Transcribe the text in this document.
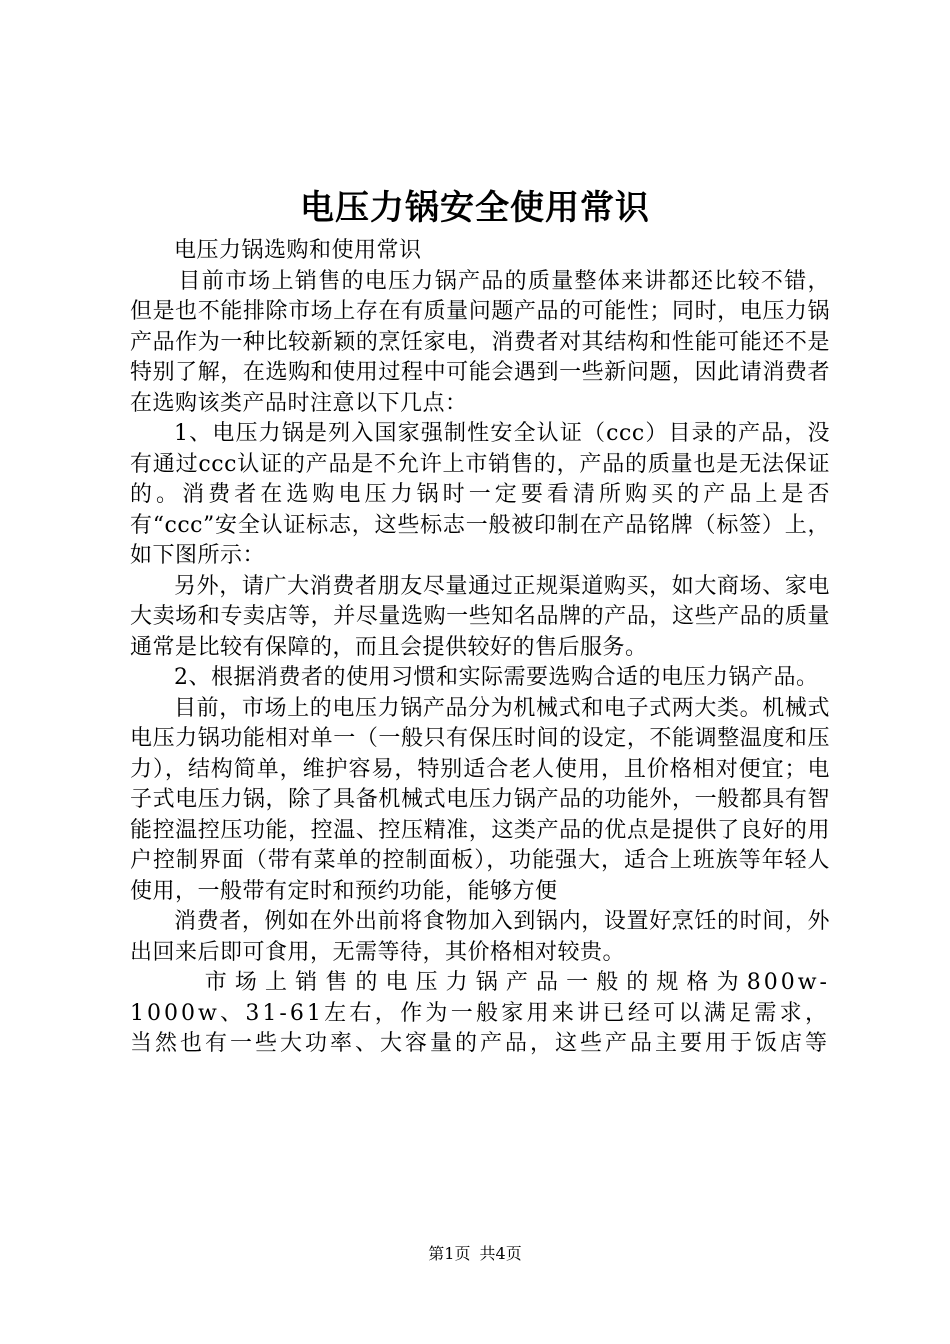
电压力锅安全使用常识

电压力锅选购和使用常识

目前市场上销售的电压力锅产品的质量整体来讲都还比较不错，但是也不能排除市场上存在有质量问题产品的可能性；同时，电压力锅产品作为一种比较新颖的烹饪家电，消费者对其结构和性能可能还不是特别了解，在选购和使用过程中可能会遇到一些新问题，因此请消费者在选购该类产品时注意以下几点：

1、电压力锅是列入国家强制性安全认证（ccc）目录的产品，没有通过ccc认证的产品是不允许上市销售的，产品的质量也是无法保证的。消费者在选购电压力锅时一定要看清所购买的产品上是否有“ccc”安全认证标志，这些标志一般被印制在产品铭牌（标签）上，如下图所示：

另外，请广大消费者朋友尽量通过正规渠道购买，如大商场、家电大卖场和专卖店等，并尽量选购一些知名品牌的产品，这些产品的质量通常是比较有保障的，而且会提供较好的售后服务。

2、根据消费者的使用习惯和实际需要选购合适的电压力锅产品。

目前，市场上的电压力锅产品分为机械式和电子式两大类。机械式电压力锅功能相对单一（一般只有保压时间的设定，不能调整温度和压力），结构简单，维护容易，特别适合老人使用，且价格相对便宜；电子式电压力锅，除了具备机械式电压力锅产品的功能外，一般都具有智能控温控压功能，控温、控压精准，这类产品的优点是提供了良好的用户控制界面（带有菜单的控制面板），功能强大，适合上班族等年轻人使用，一般带有定时和预约功能，能够方便

消费者，例如在外出前将食物加入到锅内，设置好烹饪的时间，外出回来后即可食用，无需等待，其价格相对较贵。

市场上销售的电压力锅产品一般的规格为800w-1000w、31-61左右，作为一般家用来讲已经可以满足需求，当然也有一些大功率、大容量的产品，这些产品主要用于饭店等

第1页 共4页
